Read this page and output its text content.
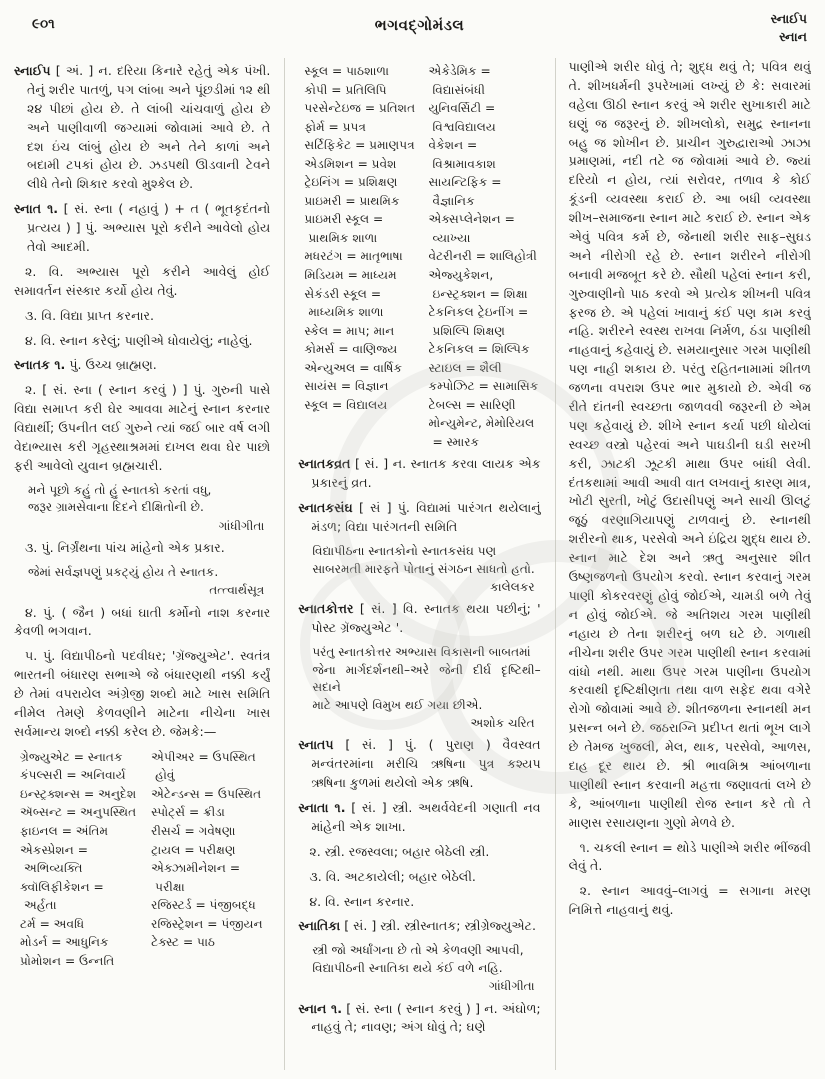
૯૦૧	ભગવદ્ગોમંડલ	સ્નાઈપ
સ્નાન

સ્નાઈપ [ અં. ] ન. દરિયા કિનારે રહેતું એક પંખી. તેનું શરીર પાતળું, પગ લાંબા અને પૂંછડીમાં ૧૨ થી ૨૪ પીછાં હોય છે. તે લાંબી ચાંચવાળું હોય છે અને પાણીવાળી જગ્યામાં જોવામાં આવે છે. તે દશ ઇંચ લાંબું હોય છે અને તેને કાળાં અને બદામી ટપકાં હોય છે. ઝડપથી ઊડવાની ટેવને લીધે તેનો શિકાર કરવો મુશ્કેલ છે.

સ્નાત ૧. [ સં. સ્ના ( નહાવું ) + ત ( ભૂતકૃદંતનો પ્રત્યય ) ] પું. અભ્યાસ પૂરો કરીને આવેલો હોય તેવો આદમી.

૨. વિ. અભ્યાસ પૂરો કરીને આવેલું હોઈ સમાવર્તન સંસ્કાર કર્યો હોય તેવું.

૩. વિ. વિદ્યા પ્રાપ્ત કરનાર.

૪. વિ. સ્નાન કરેલું; પાણીએ ધોવાયેલું; નાહેલું.

સ્નાતક ૧. પું. ઉચ્ચ બ્રાહ્મણ.

૨. [ સં. સ્ના ( સ્નાન કરવું ) ] પું. ગુરુની પાસે વિદ્યા સમાપ્ત કરી ઘેર આવવા માટેનું સ્નાન કરનાર વિદ્યાર્થી; ઉપનીત લઈ ગુરુને ત્યાં જઈ બાર વર્ષ લગી વેદાભ્યાસ કરી ગૃહસ્થાશ્રમમાં દાખલ થવા ઘેર પાછો ફરી આવેલો યુવાન બ્રહ્મચારી.

મને પૂછો કહું તો હું સ્નાતકો કરતાં વધુ,
જરૂર ગ્રામસેવાના દિદને દીક્ષિતોની છે.
ગાંધીગીતા

૩. પું. નિર્ગ્રંથના પાંચ માંહેનો એક પ્રકાર.

જેમાં સર્વજ્ઞપણું પ્રકટ્યું હોય તે સ્નાતક.
તત્ત્વાર્થસૂત્ર

૪. પું. ( જૈન ) બધાં ઘાતી કર્મોનો નાશ કરનાર કેવળી ભગવાન.

૫. પું. વિદ્યાપીઠનો પદવીધર; 'ગ્રૅજ્યુએટ'. સ્વતંત્ર ભારતની બંધારણ સભાએ જે બંધારણથી નક્કી કર્યું છે તેમાં વપરાયેલ અંગ્રેજી શબ્દો માટે ખાસ સમિતિ નીમેલ તેમણે કેળવણીને માટેના નીચેના ખાસ સર્વમાન્ય શબ્દો નક્કી કરેલ છે. જેમકે:—

ગ્રેજ્યુએટ = સ્નાતક
કંપલ્સરી = અનિવાર્ય
ઇન્સ્ટ્રક્શન્સ = અનુદેશ
ઍબ્સન્ટ = અનુપસ્થિત
ફાઇનલ = અંતિમ
એકસ્પ્રેશન = અભિવ્યક્તિ
ક્વૉલિફીકેશન = અર્હતા
ટર્મ = અવધિ
મોડર્ન = આધુનિક
પ્રોમોશન = ઉન્નતિ
એપીઅર = ઉપસ્થિત હોવું
એટેન્ડન્સ = ઉપસ્થિત
સ્પોર્ટ્સ = ક્રીડા
રીસર્ચ = ગવેષણા
ટ્રાયલ = પરીક્ષણ
એક્ઝામીનેશન = પરીક્ષા
રજિસ્ટર્ડ = પંજીબદ્ધ
રજિસ્ટ્રેશન = પંજીયન
ટેક્સ્ટ = પાઠ
સ્કૂલ = પાઠશાળા
કોપી = પ્રતિલિપિ
પરસેન્ટેઇજ = પ્રતિશત
ફોર્મ = પ્રપત્ર
સર્ટિફિકેટ = પ્રમાણપત્ર
એડમિશન = પ્રવેશ
ટ્રેઇનિંગ = પ્રશિક્ષણ
પ્રાઇમરી = પ્રાથમિક
પ્રાઇમરી સ્કૂલ = પ્રાથમિક શાળા
મધરટંગ = માતૃભાષા
મિડિયમ = માધ્યમ
સેકંડરી સ્કૂલ = માધ્યમિક શાળા
સ્કેલ = માપ; માન
કોમર્સ = વાણિજ્ય
એન્યુઅલ = વાર્ષિક
સાયંસ = વિજ્ઞાન
સ્કૂલ = વિદ્યાલય
એકેડેમિક = વિદ્યાસંબંધી
યુનિવર્સિટી = વિશ્વવિદ્યાલય
વેકેશન = વિશ્રામાવકાશ
સાયન્ટિફિક = વૈજ્ઞાનિક
એક્સપ્લેનેશન = વ્યાખ્યા
વેટરીનરી = શાલિહોત્રી
એજ્યુકેશન, ઇન્સ્ટ્રક્શન = શિક્ષા
ટેકનિકલ ટ્રેઇનીંગ = પ્રશિલ્પિ શિક્ષણ
ટેકનિકલ = શિલ્પિક
સ્ટાઇલ = શૈલી
કમ્પોઝિટ = સામાસિક
ટેબલ્સ = સારિણી
મોન્યુમેન્ટ, મેમોરિયલ = સ્મારક

સ્નાતકવ્રત [ સં. ] ન. સ્નાતક કરવા લાયક એક પ્રકારનું વ્રત.

સ્નાતકસંઘ [ સં ] પું. વિદ્યામાં પારંગત થયેલાનું મંડળ; વિદ્યા પારંગતની સમિતિ

વિદ્યાપીઠના સ્નાતકોનો સ્નાતકસંઘ પણ
સાબરમતી મારફતે પોતાનું સંગઠન સાધતો હતો.
કાલેલકર

સ્નાતકોત્તર [ સં. ] વિ. સ્નાતક થયા પછીનું; ' પોસ્ટ ગ્રૅજ્યુએટ '.

પરંતુ સ્નાતકોત્તર અભ્યાસ વિકાસની બાબતમાં
જેના માર્ગદર્શનથી–અરે જેની દીર્ઘ દૃષ્ટિથી–સદાને
માટે આપણે વિમુખ થઈ ગયા છીએ.
અશોક ચરિત

સ્નાતપ [ સં. ] પું. ( પુરાણ ) વૈવસ્વત મન્વંતરમાંના મરીચિ ઋષિના પુત્ર કશ્યપ ઋષિના કુળમાં થયેલો એક ઋષિ.

સ્નાતા ૧. [ સં. ] સ્ત્રી. અથર્વવેદની ગણાતી નવ માંહેની એક શાખા.

૨. સ્ત્રી. રજસ્વલા; બહાર બેઠેલી સ્ત્રી.

૩. વિ. અટકાયેલી; બહાર બેઠેલી.

૪. વિ. સ્નાન કરનાર.

સ્નાતિકા [ સં. ] સ્ત્રી. સ્ત્રીસ્નાતક; સ્ત્રીગ્રેજ્યુએટ.

સ્ત્રી જો અર્ધાંગના છે તો એ કેળવણી આપવી,
વિદ્યાપીઠની સ્નાતિકા થયે કંઈ વળે નહિ.
ગાંધીગીતા

સ્નાન ૧. [ સં. સ્ના ( સ્નાન કરવું ) ] ન. અંઘોળ; નાહવું તે; નાવણ; અંગ ધોવું તે; ઘણે

પાણીએ શરીર ધોવું તે; શુદ્ધ થવું તે; પવિત્ર થવું તે. શીખધર્મની રૂપરેખામાં લખ્યું છે કે: સવારમાં વહેલા ઊઠી સ્નાન કરવું એ શરીર સુખાકારી માટે ઘણું જ જરૂરનું છે. શીખલોકો, સમુદ્ર સ્નાનના બહુ જ શોખીન છે. પ્રાચીન ગુરુદ્વારાઓ ઝાઝા પ્રમાણમાં, નદી તટે જ જોવામાં આવે છે. જ્યાં દરિયો ન હોય, ત્યાં સરોવર, તળાવ કે કોઈ કૂંડની વ્યવસ્થા કરાઈ છે. આ બધી વ્યવસ્થા શીખ–સમાજના સ્નાન માટે કરાઈ છે. સ્નાન એક એવું પવિત્ર કર્મ છે, જેનાથી શરીર સાફ–સુઘડ અને નીરોગી રહે છે. સ્નાન શરીરને નીરોગી બનાવી મજબૂત કરે છે. સૌથી પહેલાં સ્નાન કરી, ગુરુવાણીનો પાઠ કરવો એ પ્રત્યેક શીખની પવિત્ર ફરજ છે. એ પહેલાં ખાવાનું કંઈ પણ કામ કરવું નહિ. શરીરને સ્વસ્થ રાખવા નિર્મળ, ઠંડા પાણીથી નાહવાનું કહેવાયું છે. સમયાનુસાર ગરમ પાણીથી પણ નાહી શકાય છે. પરંતુ રહિતનામામાં શીતળ જળના વપરાશ ઉપર ભાર મુકાયો છે. એવી જ રીતે દાંતની સ્વચ્છતા જાળવવી જરૂરની છે એમ પણ કહેવાયું છે. શીખે સ્નાન કર્યા પછી ધોયેલાં સ્વચ્છ વસ્ત્રો પહેરવાં અને પાઘડીની ઘડી સરખી કરી, ઝાટકી ઝૂટકી માથા ઉપર બાંધી લેવી. દંતકથામાં આવી આવી વાત લખવાનું કારણ માત્ર, ખોટી સુરતી, ખોટું ઉદાસીપણું અને સાચી ઊલટું જૂઠું વરણાગિયાપણું ટાળવાનું છે. સ્નાનથી શરીરનો થાક, પરસેવો અને ઇંદ્રિય શુદ્ધ થાય છે. સ્નાન માટે દેશ અને ઋતુ અનુસાર શીત ઉષ્ણજળનો ઉપયોગ કરવો. સ્નાન કરવાનું ગરમ પાણી કોકરવરણું હોવું જોઈએ, ચામડી બળે તેવું ન હોવું જોઈએ. જે અતિશય ગરમ પાણીથી નહાય છે તેના શરીરનું બળ ઘટે છે. ગળાથી નીચેના શરીર ઉપર ગરમ પાણીથી સ્નાન કરવામાં વાંધો નથી. માથા ઉપર ગરમ પાણીના ઉપયોગ કરવાથી દૃષ્ટિક્ષીણતા તથા વાળ સફેદ થવા વગેરે રોગો જોવામાં આવે છે. શીતજળના સ્નાનથી મન પ્રસન્ન બને છે. જઠરાગ્નિ પ્રદીપ્ત થતાં ભૂખ લાગે છે તેમજ ખુજલી, મેલ, થાક, પરસેવો, આળસ, દાહ દૂર થાય છે. શ્રી ભાવમિશ્ર આંબળાના પાણીથી સ્નાન કરવાની મહત્તા જણાવતાં લખે છે કે, આંબળાના પાણીથી રોજ સ્નાન કરે તો તે માણસ રસાયણના ગુણો મેળવે છે.

૧. ચકલી સ્નાન = થોડે પાણીએ શરીર ભીંજવી લેવું તે.

૨. સ્નાન આવવું–લાગવું = સગાના મરણ નિમિત્તે નાહવાનું થવું.
